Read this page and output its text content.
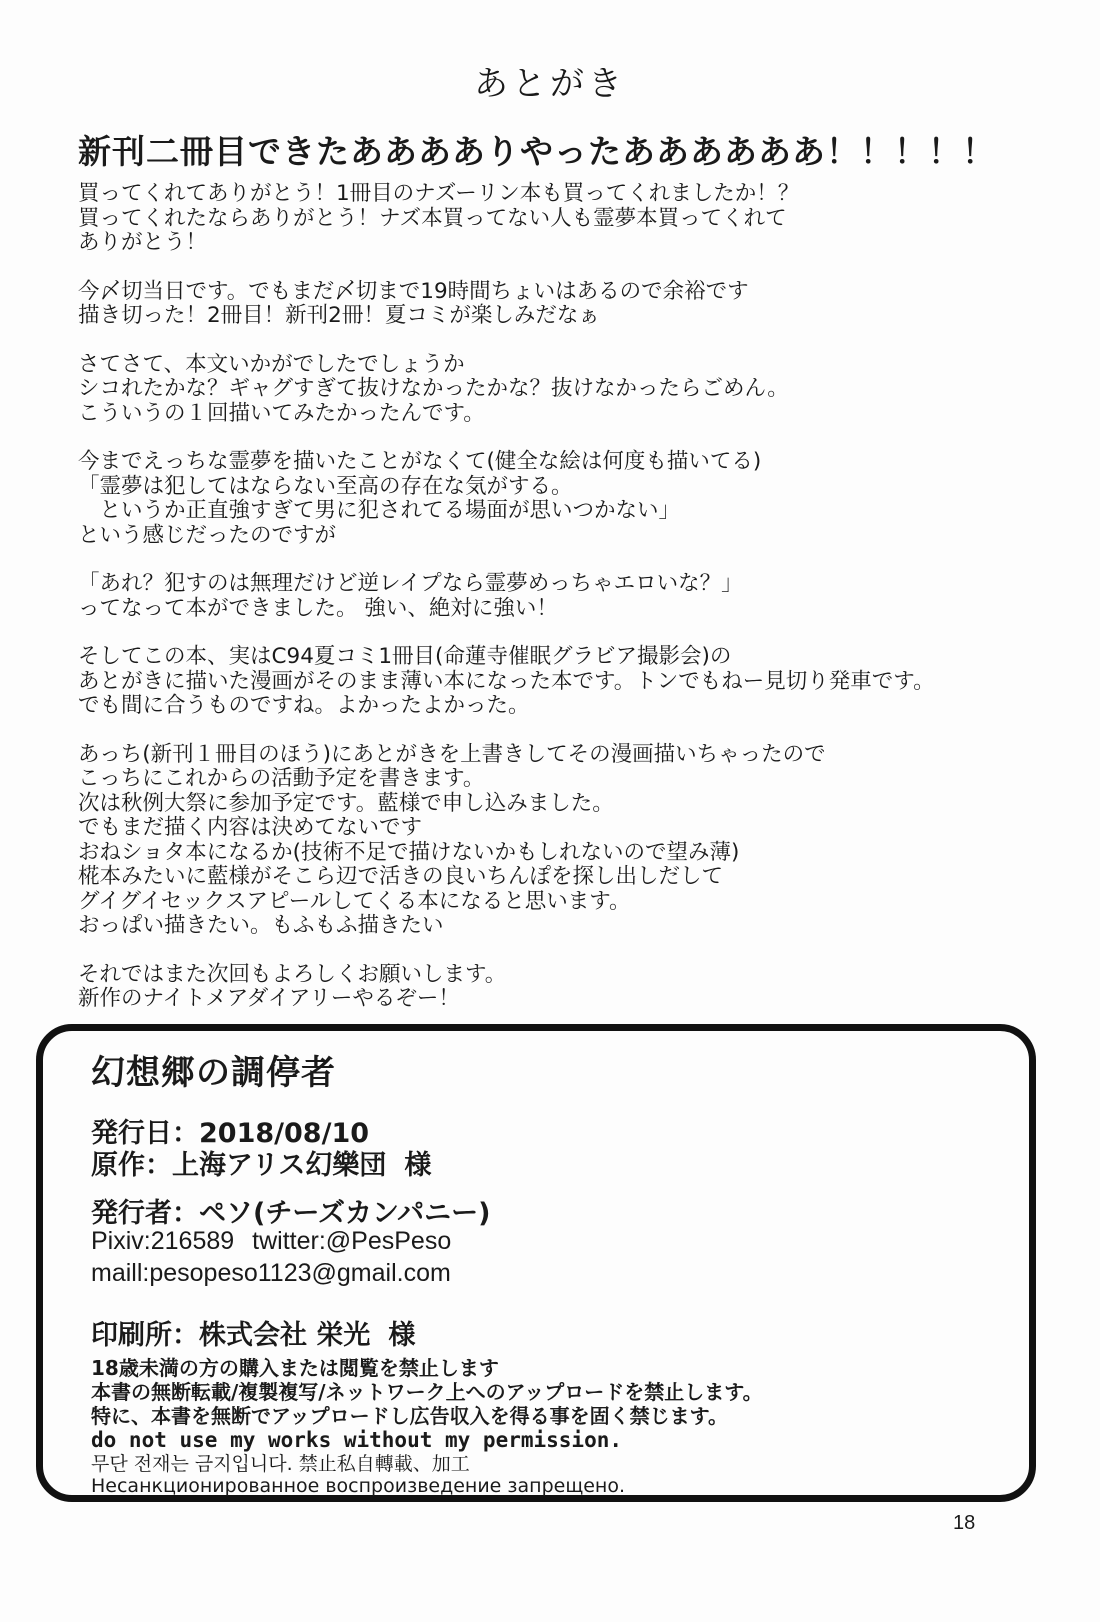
あとがき
新刊二冊目できたあああありやったああああああ！！！！！
買ってくれてありがとう！1冊目のナズーリン本も買ってくれましたか！？
買ってくれたならありがとう！ナズ本買ってない人も霊夢本買ってくれて
ありがとう！
今〆切当日です。でもまだ〆切まで19時間ちょいはあるので余裕です
描き切った！2冊目！新刊2冊！夏コミが楽しみだなぁ
さてさて、本文いかがでしたでしょうか
シコれたかな？ギャグすぎて抜けなかったかな？抜けなかったらごめん。
こういうの１回描いてみたかったんです。
今までえっちな霊夢を描いたことがなくて(健全な絵は何度も描いてる)
「霊夢は犯してはならない至高の存在な気がする。
　というか正直強すぎて男に犯されてる場面が思いつかない」
という感じだったのですが
「あれ？犯すのは無理だけど逆レイプなら霊夢めっちゃエロいな？」
ってなって本ができました。 強い、絶対に強い！
そしてこの本、実はC94夏コミ1冊目(命蓮寺催眠グラビア撮影会)の
あとがきに描いた漫画がそのまま薄い本になった本です。トンでもねー見切り発車です。
でも間に合うものですね。よかったよかった。
あっち(新刊１冊目のほう)にあとがきを上書きしてその漫画描いちゃったので
こっちにこれからの活動予定を書きます。
次は秋例大祭に参加予定です。藍様で申し込みました。
でもまだ描く内容は決めてないです
おねショタ本になるか(技術不足で描けないかもしれないので望み薄)
椛本みたいに藍様がそこら辺で活きの良いちんぽを探し出しだして
グイグイセックスアピールしてくる本になると思います。
おっぱい描きたい。もふもふ描きたい
それではまた次回もよろしくお願いします。
新作のナイトメアダイアリーやるぞー！
幻想郷の調停者
発行日：2018/08/10
原作：上海アリス幻樂団 様
発行者：ペソ(チーズカンパニー)
Pixiv:216589 twitter:@PesPeso
maill:pesopeso1123@gmail.com
印刷所：株式会社 栄光 様
18歳未満の方の購入または閲覧を禁止します
本書の無断転載/複製複写/ネットワーク上へのアップロードを禁止します。
特に、本書を無断でアップロードし広告収入を得る事を固く禁じます。
do not use my works without my permission.
무단 전재는 금지입니다. 禁止私自轉載、加工
Несанкционированное воспроизведение запрещено.
18
